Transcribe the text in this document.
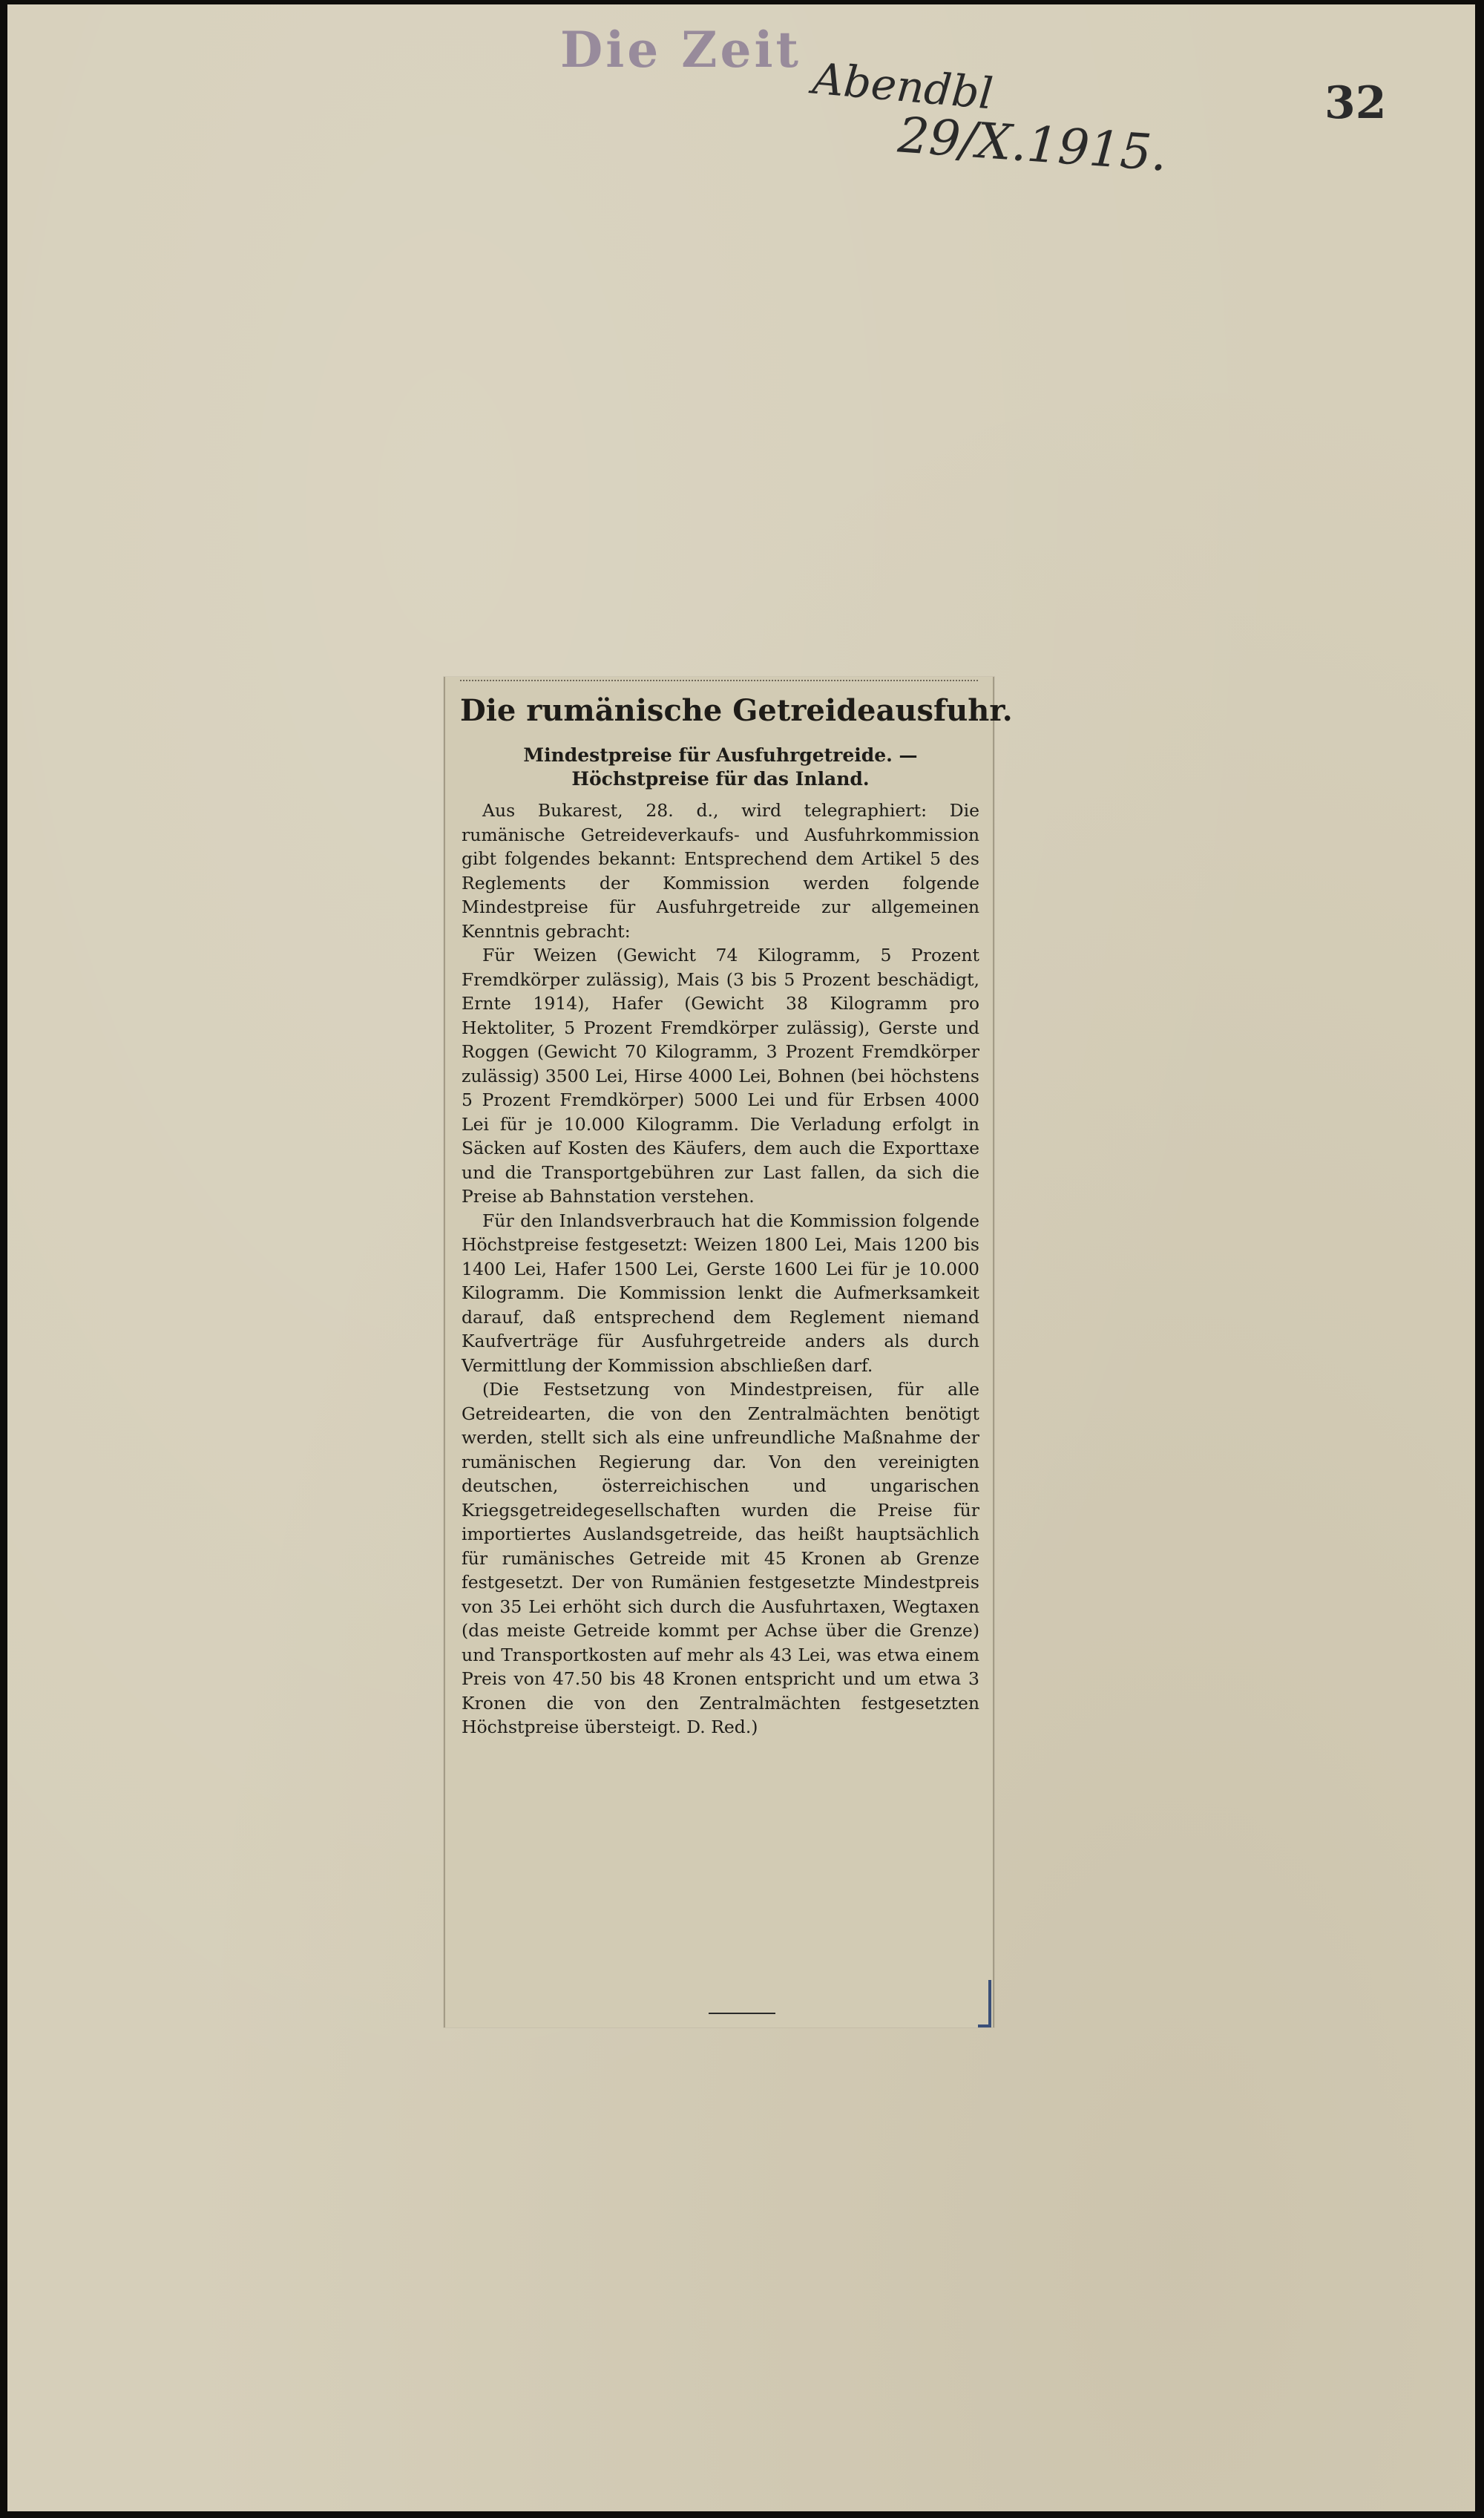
Die Zeit
Abendbl
29/X.1915.
32
Die rumänische Getreideausfuhr.
Mindestpreise für Ausfuhrgetreide. — Höchstpreise für das Inland.

Aus Bukarest, 28. d., wird telegraphiert: Die rumänische Getreideverkaufs- und Ausfuhrkommission gibt folgendes bekannt: Entsprechend dem Artikel 5 des Reglements der Kommission werden folgende Mindestpreise für Ausfuhrgetreide zur allgemeinen Kenntnis gebracht:

Für Weizen (Gewicht 74 Kilogramm, 5 Prozent Fremdkörper zulässig), Mais (3 bis 5 Prozent beschädigt, Ernte 1914), Hafer (Gewicht 38 Kilogramm pro Hektoliter, 5 Prozent Fremdkörper zulässig), Gerste und Roggen (Gewicht 70 Kilogramm, 3 Prozent Fremdkörper zulässig) 3500 Lei, Hirse 4000 Lei, Bohnen (bei höchstens 5 Prozent Fremdkörper) 5000 Lei und für Erbsen 4000 Lei für je 10.000 Kilogramm. Die Verladung erfolgt in Säcken auf Kosten des Käufers, dem auch die Exporttaxe und die Transportgebühren zur Last fallen, da sich die Preise ab Bahnstation verstehen.

Für den Inlandsverbrauch hat die Kommission folgende Höchstpreise festgesetzt: Weizen 1800 Lei, Mais 1200 bis 1400 Lei, Hafer 1500 Lei, Gerste 1600 Lei für je 10.000 Kilogramm. Die Kommission lenkt die Aufmerksamkeit darauf, daß entsprechend dem Reglement niemand Kaufverträge für Ausfuhrgetreide anders als durch Vermittlung der Kommission abschließen darf.

(Die Festsetzung von Mindestpreisen, für alle Getreidearten, die von den Zentralmächten benötigt werden, stellt sich als eine unfreundliche Maßnahme der rumänischen Regierung dar. Von den vereinigten deutschen, österreichischen und ungarischen Kriegsgetreidegesellschaften wurden die Preise für importiertes Auslandsgetreide, das heißt hauptsächlich für rumänisches Getreide mit 45 Kronen ab Grenze festgesetzt. Der von Rumänien festgesetzte Mindestpreis von 35 Lei erhöht sich durch die Ausfuhrtaxen, Wegtaxen (das meiste Getreide kommt per Achse über die Grenze) und Transportkosten auf mehr als 43 Lei, was etwa einem Preis von 47.50 bis 48 Kronen entspricht und um etwa 3 Kronen die von den Zentralmächten festgesetzten Höchstpreise übersteigt. D. Red.)
